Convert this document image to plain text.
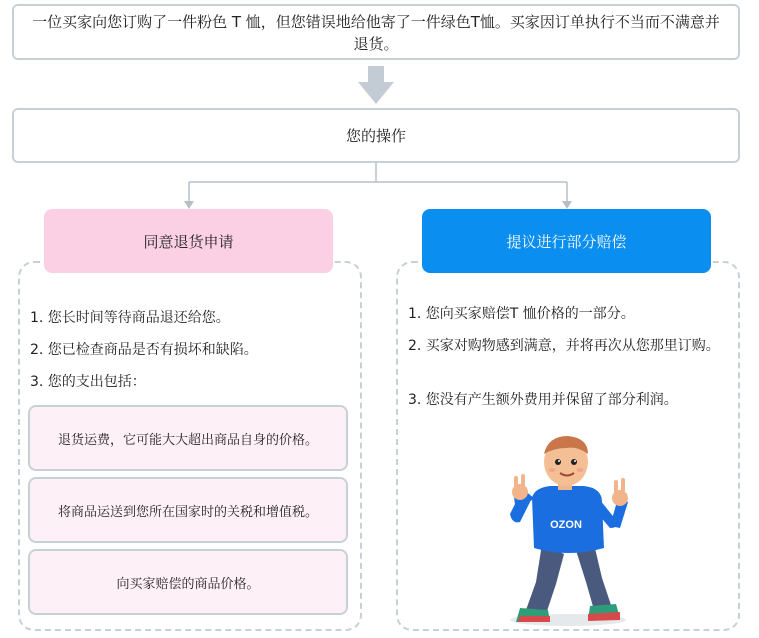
一位买家向您订购了一件粉色 T 恤，但您错误地给他寄了一件绿色T恤。买家因订单执行不当而不满意并退货。
您的操作
同意退货申请	提议进行部分赔偿
1. 您长时间等待商品退还给您。
2. 您已检查商品是否有损坏和缺陷。
3. 您的支出包括：
退货运费，它可能大大超出商品自身的价格。
将商品运送到您所在国家时的关税和增值税。
向买家赔偿的商品价格。
1. 您向买家赔偿T 恤价格的一部分。
2. 买家对购物感到满意，并将再次从您那里订购。
3. 您没有产生额外费用并保留了部分利润。
OZON
